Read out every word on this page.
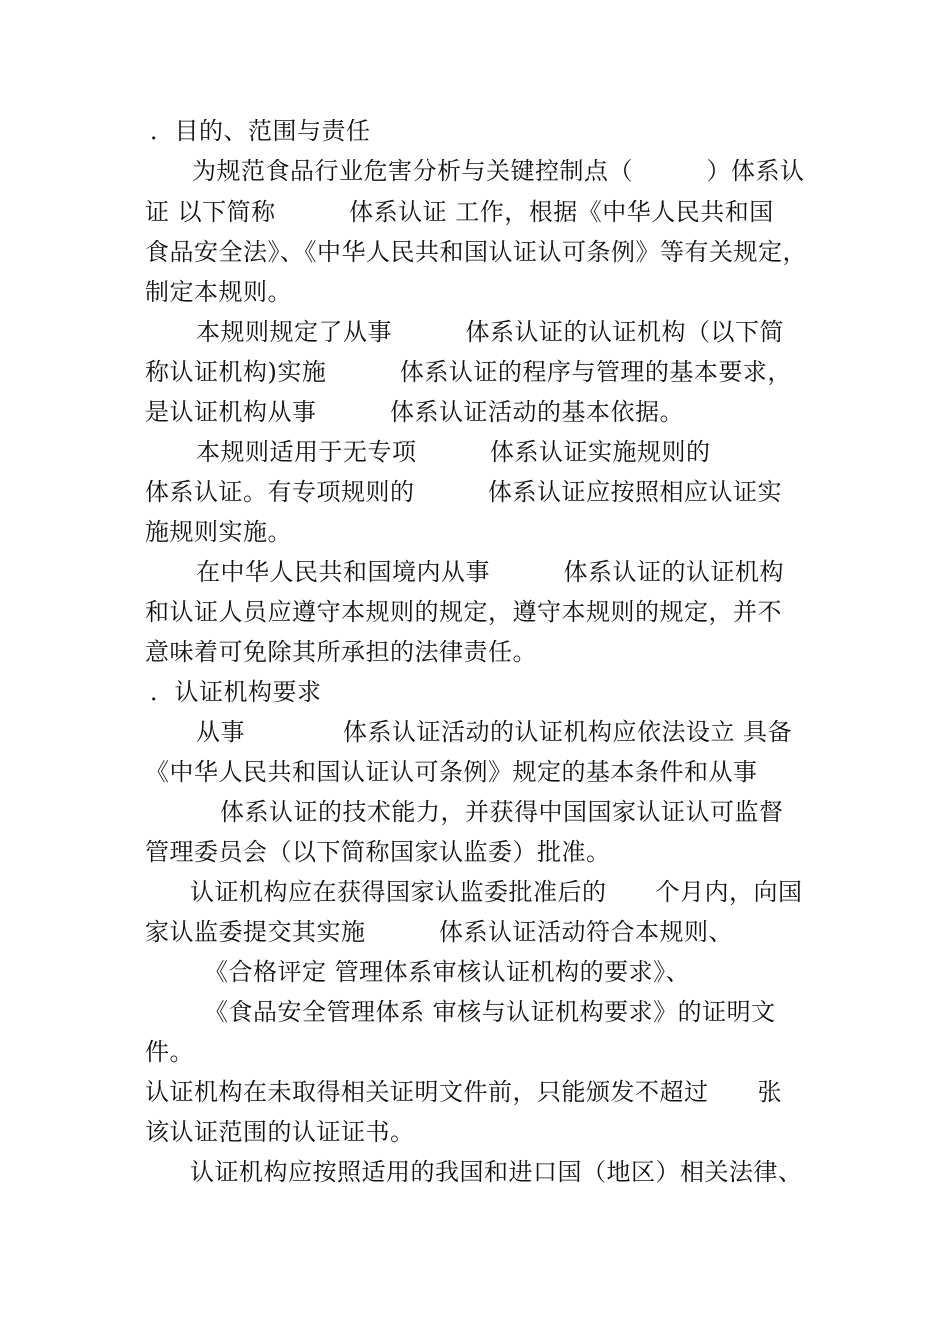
．目的、范围与责任
为规范食品行业危害分析与关键控制点（　　　）体系认
证 以下简称　　　体系认证 工作，根据《中华人民共和国
食品安全法》、《中华人民共和国认证认可条例》等有关规定，
制定本规则。
本规则规定了从事　　　体系认证的认证机构（以下简
称认证机构)实施　　　体系认证的程序与管理的基本要求，
是认证机构从事　　　体系认证活动的基本依据。
本规则适用于无专项　　　体系认证实施规则的
体系认证。有专项规则的　　　体系认证应按照相应认证实
施规则实施。
在中华人民共和国境内从事　　　体系认证的认证机构
和认证人员应遵守本规则的规定，遵守本规则的规定，并不
意味着可免除其所承担的法律责任。
．认证机构要求
从事　　　　体系认证活动的认证机构应依法设立 具备
《中华人民共和国认证认可条例》规定的基本条件和从事
体系认证的技术能力，并获得中国国家认证认可监督
管理委员会（以下简称国家认监委）批准。
认证机构应在获得国家认监委批准后的　　个月内，向国
家认监委提交其实施　　　体系认证活动符合本规则、
《合格评定 管理体系审核认证机构的要求》、
《食品安全管理体系 审核与认证机构要求》的证明文
件。
认证机构在未取得相关证明文件前，只能颁发不超过　　张
该认证范围的认证证书。
认证机构应按照适用的我国和进口国（地区）相关法律、
